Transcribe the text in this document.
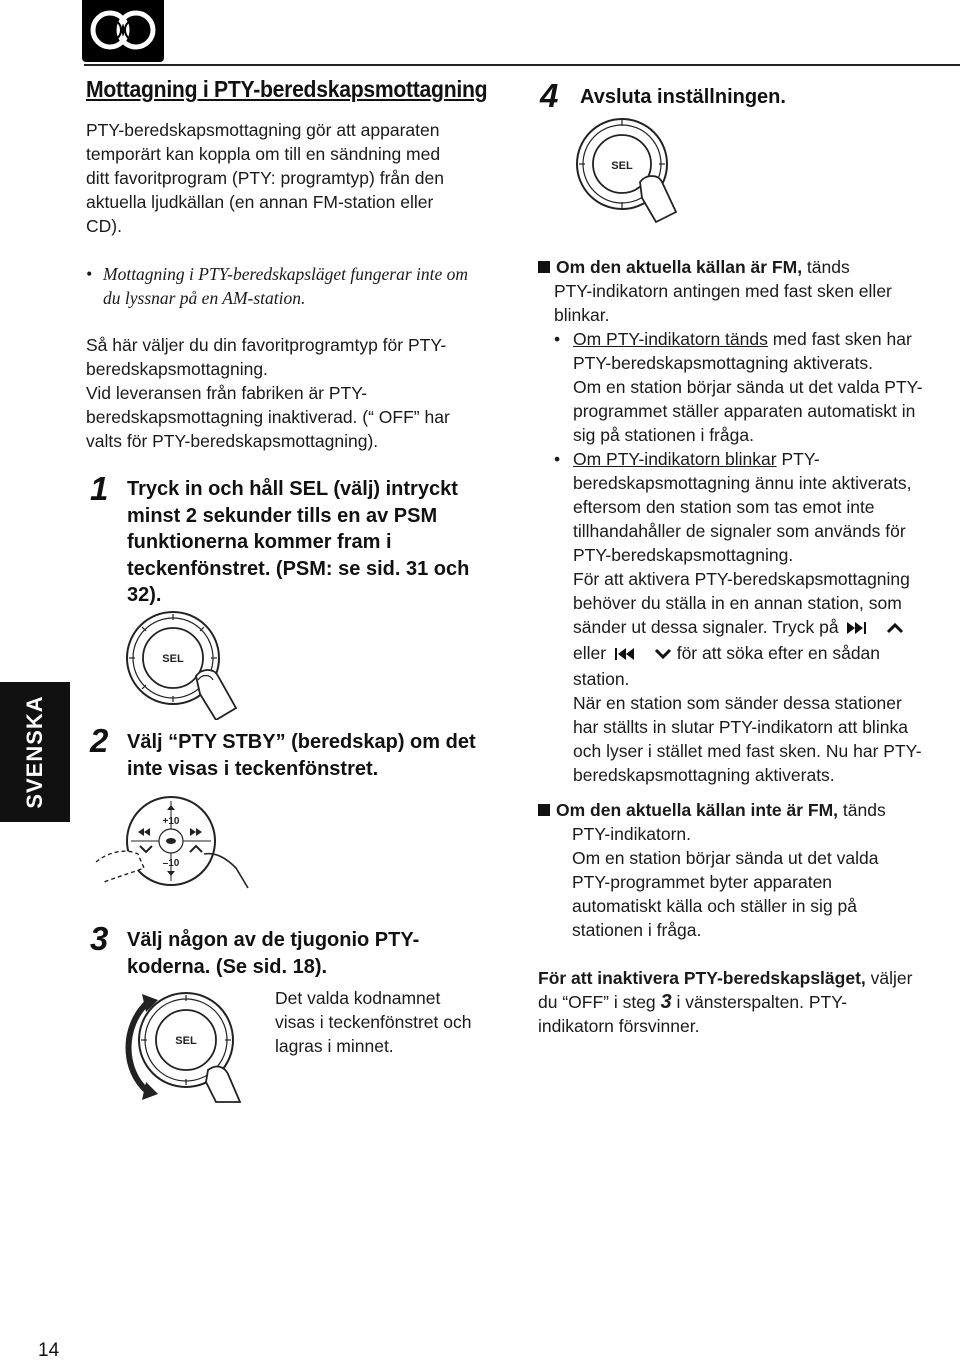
SVENSKA
Mottagning i PTY-beredskapsmottagning

PTY-beredskapsmottagning gör att apparaten

temporärt kan koppla om till en sändning med

ditt favoritprogram (PTY: programtyp) från den

aktuella ljudkällan (en annan FM-station eller

CD).

• Mottagning i PTY-beredskapsläget fungerar inte om

du lyssnar på en AM-station.

Så här väljer du din favoritprogramtyp för PTY-

beredskapsmottagning.

Vid leveransen från fabriken är PTY-

beredskapsmottagning inaktiverad. (“ OFF” har

valts för PTY-beredskapsmottagning).

1 Tryck in och håll SEL (välj) intryckt

minst 2 sekunder tills en av PSM

funktionerna kommer fram i

teckenfönstret. (PSM: se sid. 31 och

32).

SEL
2 Välj “PTY STBY” (beredskap) om det

inte visas i teckenfönstret.

+10
–10
3 Välj någon av de tjugonio PTY-

koderna. (Se sid. 18).

SEL

Det valda kodnamnet

visas i teckenfönstret och

lagras i minnet.

14
4 Avsluta inställningen.

SEL

Om den aktuella källan är FM, tänds

PTY-indikatorn antingen med fast sken eller

blinkar.

• Om PTY-indikatorn tänds med fast sken har

PTY-beredskapsmottagning aktiverats.

Om en station börjar sända ut det valda PTY-

programmet ställer apparaten automatiskt in

sig på stationen i fråga.

• Om PTY-indikatorn blinkar PTY-

beredskapsmottagning ännu inte aktiverats,

eftersom den station som tas emot inte

tillhandahåller de signaler som används för

PTY-beredskapsmottagning.

För att aktivera PTY-beredskapsmottagning

behöver du ställa in en annan station, som

sänder ut dessa signaler. Tryck på

eller	för att söka efter en sådan

station.

När en station som sänder dessa stationer

har ställts in slutar PTY-indikatorn att blinka

och lyser i stället med fast sken. Nu har PTY-

beredskapsmottagning aktiverats.

Om den aktuella källan inte är FM, tänds

PTY-indikatorn.

Om en station börjar sända ut det valda

PTY-programmet byter apparaten

automatiskt källa och ställer in sig på

stationen i fråga.

För att inaktivera PTY-beredskapsläget, väljer

du “OFF” i steg 3 i vänsterspalten. PTY-

indikatorn försvinner.
